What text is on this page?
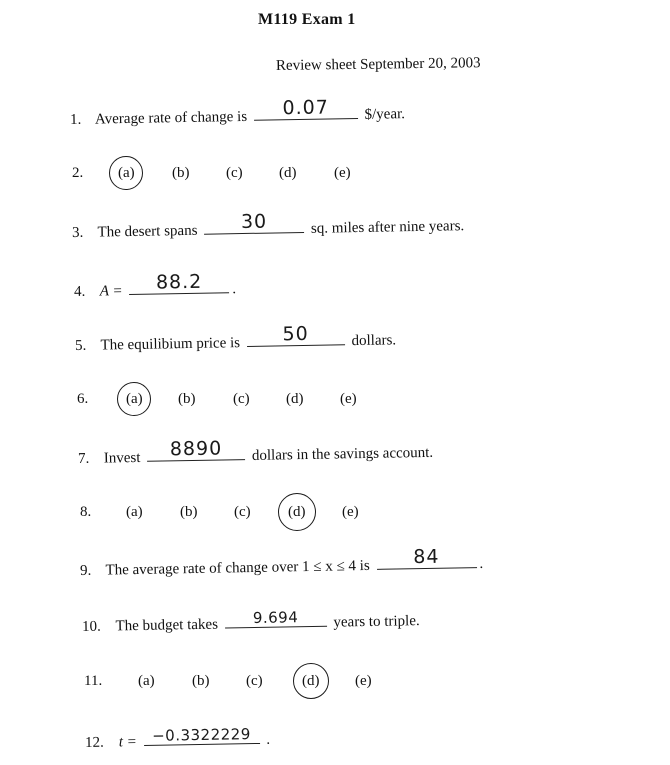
M119 Exam 1
Review sheet September 20, 2003
1. Average rate of change is	0.07	$/year.
2. (a) (b) (c) (d)	(e)
3. The desert spans	30	sq. miles after nine years.
4. A =	88.2	.
5. The equilibium price is	50	dollars.
6.	(a) (b)	(c) (d) (e)
7. Invest	8890	dollars in the savings account.
8. (a) (b) (c) (d) (e)
9. The average rate of change over 1 ≤ x ≤ 4 is
84	.
10. The budget takes	9.694	years to triple.
11. (a) (b) (c)	(d) (e)
12. t =	−0.3322229	.
